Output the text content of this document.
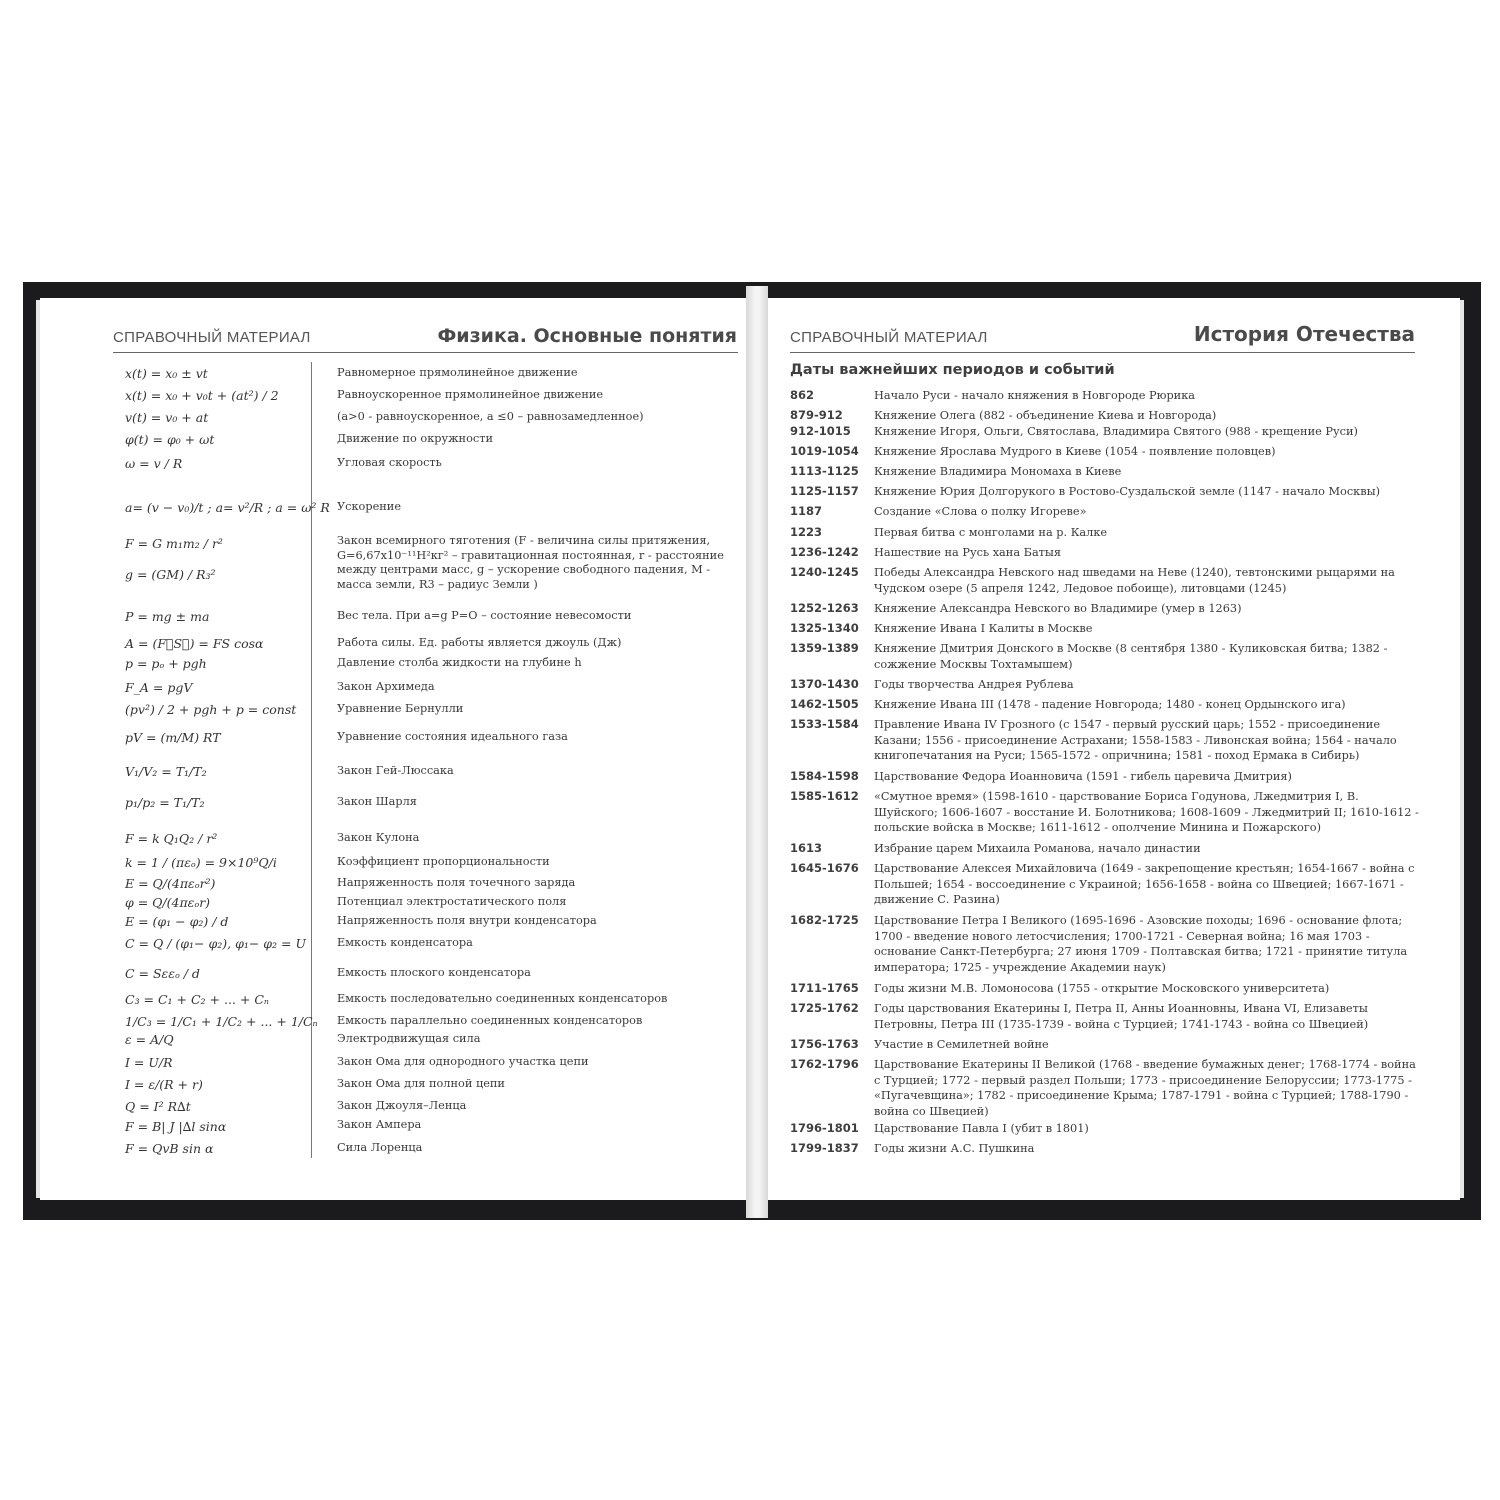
СПРАВОЧНЫЙ МАТЕРИАЛ	Физика. Основные понятия
x(t) = x₀ ± vt	Равномерное прямолинейное движение
x(t) = x₀ + v₀t + (at²) / 2	Равноускоренное прямолинейное движение
v(t) = v₀ + at	(a>0 - равноускоренное, a ≤0 – равнозамедленное)
φ(t) = φ₀ + ωt	Движение по окружности
ω = v / R	Угловая скорость
a= (v − v₀)/t ; a= v²/R ; a = ω² R Ускорение
F = G m₁m₂ / r²	Закон всемирного тяготения (F - величина силы притяжения, G=6,67x10⁻¹¹Н²кг² – гравитационная постоянная, r - расстояние между центрами масс, g – ускорение свободного падения, М - масса земли, R3 – радиус Земли )
g = (GM) / R₃²
P = mg ± ma	Вес тела. При a=g P=O – состояние невесомости
A = (F⃗S⃗) = FS cosα	Работа силы. Ед. работы является джоуль (Дж)
p = pₒ + pgh	Давление столба жидкости на глубине h
F_A = pgV	Закон Архимеда
(pv²) / 2 + pgh + p = const	Уравнение Бернулли
pV = (m/M) RT	Уравнение состояния идеального газа
V₁/V₂ = T₁/T₂	Закон Гей-Люссака
p₁/p₂ = T₁/T₂	Закон Шарля
F = k Q₁Q₂ / r²	Закон Кулона
k = 1 / (πεₒ) = 9×10⁹Q/i	Коэффициент пропорциональности
E = Q/(4πεₒr²)	Напряженность поля точечного заряда
φ = Q/(4πεₒr)	Потенциал электростатического поля
E = (φ₁ − φ₂) / d	Напряженность поля внутри конденсатора
C = Q / (φ₁− φ₂), φ₁− φ₂ = U	Емкость конденсатора
C = Sεεₒ / d	Емкость плоского конденсатора
C₃ = C₁ + C₂ + ... + Cₙ	Емкость последовательно соединенных конденсаторов
1/C₃ = 1/C₁ + 1/C₂ + ... + 1/Cₙ Емкость параллельно соединенных конденсаторов
ε = A/Q	Электродвижущая сила
I = U/R	Закон Ома для однородного участка цепи
I = ε/(R + r)	Закон Ома для полной цепи
Q = I² R∆t	Закон Джоуля–Ленца
F = B| J |∆l sinα	Закон Ампера
F = QvB sin α	Сила Лоренца
СПРАВОЧНЫЙ МАТЕРИАЛ	История Отечества
Даты важнейших периодов и событий
862	Начало Руси - начало княжения в Новгороде Рюрика
879-912	Княжение Олега (882 - объединение Киева и Новгорода)
912-1015 Княжение Игоря, Ольги, Святослава, Владимира Святого (988 - крещение Руси)
1019-1054 Княжение Ярослава Мудрого в Киеве (1054 - появление половцев)
1113-1125 Княжение Владимира Мономаха в Киеве
1125-1157 Княжение Юрия Долгорукого в Ростово-Суздальской земле (1147 - начало Москвы)
1187	Создание «Слова о полку Игореве»
1223	Первая битва с монголами на р. Калке
1236-1242 Нашествие на Русь хана Батыя
1240-1245 Победы Александра Невского над шведами на Неве (1240), тевтонскими рыцарями на Чудском озере (5 апреля 1242, Ледовое побоище), литовцами (1245)
1252-1263 Княжение Александра Невского во Владимире (умер в 1263)
1325-1340 Княжение Ивана I Калиты в Москве
1359-1389 Княжение Дмитрия Донского в Москве (8 сентября 1380 - Куликовская битва; 1382 - сожжение Москвы Тохтамышем)
1370-1430 Годы творчества Андрея Рублева
1462-1505 Княжение Ивана III (1478 - падение Новгорода; 1480 - конец Ордынского ига)
1533-1584 Правление Ивана IV Грозного (с 1547 - первый русский царь; 1552 - присоединение Казани; 1556 - присоединение Астрахани; 1558-1583 - Ливонская война; 1564 - начало книгопечатания на Руси; 1565-1572 - опричнина; 1581 - поход Ермака в Сибирь)
1584-1598 Царствование Федора Иоанновича (1591 - гибель царевича Дмитрия)
1585-1612 «Смутное время» (1598-1610 - царствование Бориса Годунова, Лжедмитрия I, В. Шуйского; 1606-1607 - восстание И. Болотникова; 1608-1609 - Лжедмитрий II; 1610-1612 - польские войска в Москве; 1611-1612 - ополчение Минина и Пожарского)
1613	Избрание царем Михаила Романова, начало династии
1645-1676 Царствование Алексея Михайловича (1649 - закрепощение крестьян; 1654-1667 - война с Польшей; 1654 - воссоединение с Украиной; 1656-1658 - война со Швецией; 1667-1671 - движение С. Разина)
1682-1725 Царствование Петра I Великого (1695-1696 - Азовские походы; 1696 - основание флота; 1700 - введение нового летосчисления; 1700-1721 - Северная война; 16 мая 1703 - основание Санкт-Петербурга; 27 июня 1709 - Полтавская битва; 1721 - принятие титула императора; 1725 - учреждение Академии наук)
1711-1765 Годы жизни М.В. Ломоносова (1755 - открытие Московского университета)
1725-1762 Годы царствования Екатерины I, Петра II, Анны Иоанновны, Ивана VI, Елизаветы Петровны, Петра III (1735-1739 - война с Турцией; 1741-1743 - война со Швецией)
1756-1763 Участие в Семилетней войне
1762-1796 Царствование Екатерины II Великой (1768 - введение бумажных денег; 1768-1774 - война с Турцией; 1772 - первый раздел Польши; 1773 - присоединение Белоруссии; 1773-1775 - «Пугачевщина»; 1782 - присоединение Крыма; 1787-1791 - война с Турцией; 1788-1790 - война со Швецией)
1796-1801 Царствование Павла I (убит в 1801)
1799-1837 Годы жизни А.С. Пушкина
